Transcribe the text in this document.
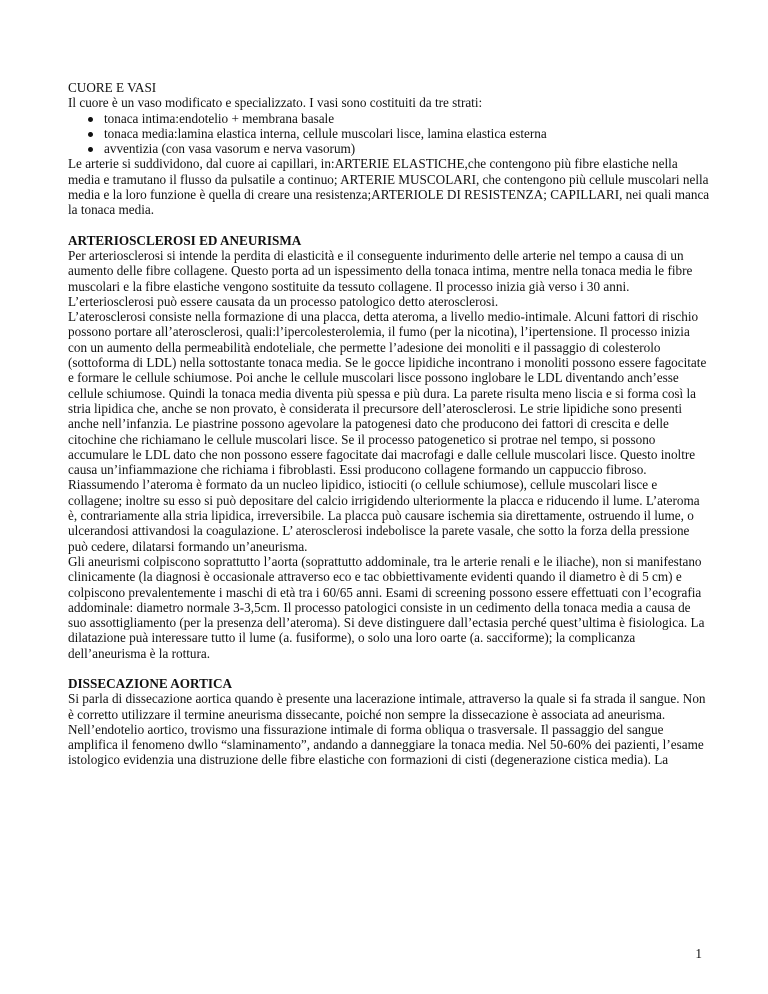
CUORE E VASI

Il cuore è un vaso modificato e specializzato. I vasi sono costituiti da tre strati:

tonaca intima:endotelio + membrana basale
tonaca media:lamina elastica interna, cellule muscolari lisce, lamina elastica esterna
avventizia (con vasa vasorum e nerva vasorum)

Le arterie si suddividono, dal cuore ai capillari, in:ARTERIE ELASTICHE,che contengono più fibre elastiche nella media e tramutano il flusso da pulsatile a continuo; ARTERIE MUSCOLARI, che contengono più cellule muscolari nella media e la loro funzione è quella di creare una resistenza;ARTERIOLE DI RESISTENZA; CAPILLARI, nei quali manca la tonaca media.

ARTERIOSCLEROSI ED ANEURISMA

Per arteriosclerosi si intende la perdita di elasticità e il conseguente indurimento delle arterie nel tempo a causa di un aumento delle fibre collagene. Questo porta ad un ispessimento della tonaca intima, mentre nella tonaca media le fibre muscolari e la fibre elastiche vengono sostituite da tessuto collagene. Il processo inizia già verso i 30 anni. L’erteriosclerosi può essere causata da un processo patologico detto aterosclerosi.

L’aterosclerosi consiste nella formazione di una placca, detta ateroma, a livello medio-intimale. Alcuni fattori di rischio possono portare all’aterosclerosi, quali:l’ipercolesterolemia, il fumo (per la nicotina), l’ipertensione. Il processo inizia con un aumento della permeabilità endoteliale, che permette l’adesione dei monoliti e il passaggio di colesterolo (sottoforma di LDL) nella sottostante tonaca media. Se le gocce lipidiche incontrano i monoliti possono essere fagocitate e formare le cellule schiumose. Poi anche le cellule muscolari lisce possono inglobare le LDL diventando anch’esse cellule schiumose. Quindi la tonaca media diventa più spessa e più dura. La parete risulta meno liscia e si forma così la stria lipidica che, anche se non provato, è considerata il precursore dell’aterosclerosi. Le strie lipidiche sono presenti anche nell’infanzia. Le piastrine possono agevolare la patogenesi dato che producono dei fattori di crescita e delle citochine che richiamano le cellule muscolari lisce. Se il processo patogenetico si protrae nel tempo, si possono accumulare le LDL dato che non possono essere fagocitate dai macrofagi e dalle cellule muscolari lisce. Questo inoltre causa un’infiammazione che richiama i fibroblasti. Essi producono collagene formando un cappuccio fibroso. Riassumendo l’ateroma è formato da un nucleo lipidico, istiociti (o cellule schiumose), cellule muscolari lisce e collagene; inoltre su esso si può depositare del calcio irrigidendo ulteriormente la placca e riducendo il lume. L’ateroma è, contrariamente alla stria lipidica, irreversibile. La placca può causare ischemia sia direttamente, ostruendo il lume, o ulcerandosi attivandosi la coagulazione. L’ aterosclerosi indebolisce la parete vasale, che sotto la forza della pressione può cedere, dilatarsi formando un’aneurisma.

Gli aneurismi colpiscono soprattutto l’aorta (soprattutto addominale, tra le arterie renali e le iliache), non si manifestano clinicamente (la diagnosi è occasionale attraverso eco e tac obbiettivamente evidenti quando il diametro è di 5 cm) e colpiscono prevalentemente i maschi di età tra i 60/65 anni. Esami di screening possono essere effettuati con l’ecografia addominale: diametro normale 3-3,5cm. Il processo patologici consiste in un cedimento della tonaca media a causa de suo assottigliamento (per la presenza dell’ateroma). Si deve distinguere dall’ectasia perché quest’ultima è fisiologica. La dilatazione puà interessare tutto il lume (a. fusiforme), o solo una loro oarte (a. sacciforme); la complicanza dell’aneurisma è la rottura.

DISSECAZIONE AORTICA

Si parla di dissecazione aortica quando è presente una lacerazione intimale, attraverso la quale si fa strada il sangue. Non è corretto utilizzare il termine aneurisma dissecante, poiché non sempre la dissecazione è associata ad aneurisma. Nell’endotelio aortico, trovismo una fissurazione intimale di forma obliqua o trasversale. Il passaggio del sangue amplifica il fenomeno dwllo “slaminamento”, andando a danneggiare la tonaca media. Nel 50-60% dei pazienti, l’esame istologico evidenzia una distruzione delle fibre elastiche con formazioni di cisti (degenerazione cistica media). La

1
